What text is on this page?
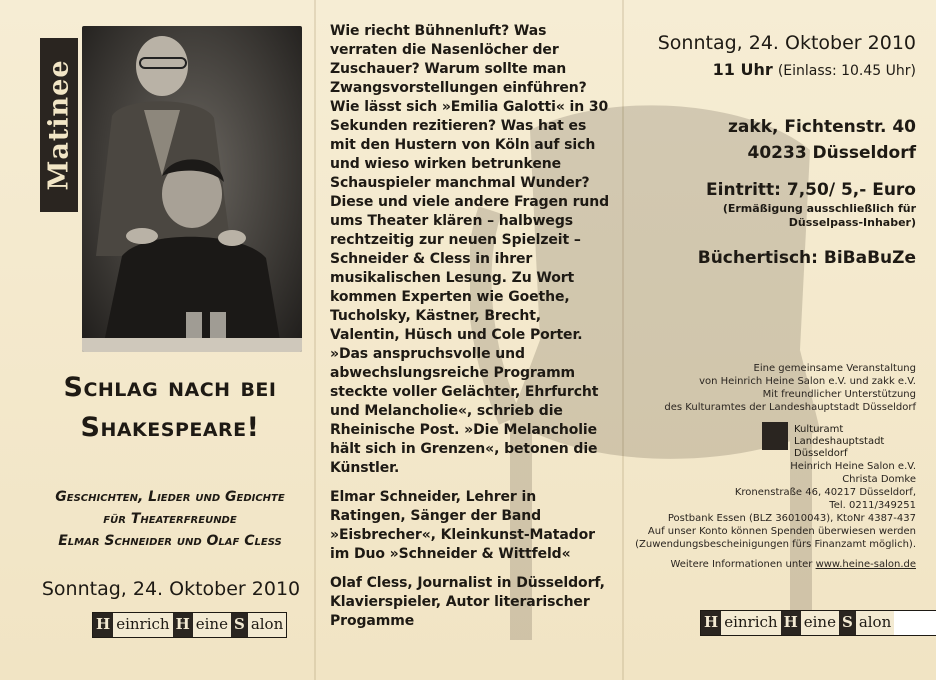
Matinee
Schlag nach bei
Shakespeare!
Geschichten, Lieder und Gedichte
für Theaterfreunde
Elmar Schneider und Olaf Cless
Sonntag, 24. Oktober 2010
H einrich H eine S alon

Wie riecht Bühnenluft? Was verraten die Nasenlöcher der Zuschauer? Warum sollte man Zwangsvorstellungen einführen? Wie lässt sich »Emilia Galotti« in 30 Sekunden rezitieren? Was hat es mit den Hustern von Köln auf sich und wieso wirken betrunkene Schauspieler manchmal Wunder? Diese und viele andere Fragen rund ums Theater klären – halbwegs rechtzeitig zur neuen Spielzeit – Schneider & Cless in ihrer musikalischen Lesung. Zu Wort kommen Experten wie Goethe, Tucholsky, Kästner, Brecht, Valentin, Hüsch und Cole Porter. »Das anspruchsvolle und abwechslungsreiche Programm steckte voller Gelächter, Ehrfurcht und Melancholie«, schrieb die Rheinische Post. »Die Melancholie hält sich in Grenzen«, betonen die Künstler.

Elmar Schneider, Lehrer in Ratingen, Sänger der Band »Eisbrecher«, Kleinkunst-Matador im Duo »Schneider & Wittfeld«

Olaf Cless, Journalist in Düsseldorf, Klavierspieler, Autor literarischer Progamme

Sonntag, 24. Oktober 2010
11 Uhr (Einlass: 10.45 Uhr)
zakk, Fichtenstr. 40
40233 Düsseldorf
Eintritt: 7,50/ 5,- Euro
(Ermäßigung ausschließlich für
Düsselpass-Inhaber)
Büchertisch: BiBaBuZe
Eine gemeinsame Veranstaltung
von Heinrich Heine Salon e.V. und zakk e.V.
Mit freundlicher Unterstützung
des Kulturamtes der Landeshauptstadt Düsseldorf
Kulturamt
Landeshauptstadt Düsseldorf
Heinrich Heine Salon e.V.
Christa Domke
Kronenstraße 46, 40217 Düsseldorf,
Tel. 0211/349251
Postbank Essen (BLZ 36010043), KtoNr 4387-437
Auf unser Konto können Spenden überwiesen werden
(Zuwendungsbescheinigungen fürs Finanzamt möglich).
Weitere Informationen unter www.heine-salon.de
H einrich H eine S alon
